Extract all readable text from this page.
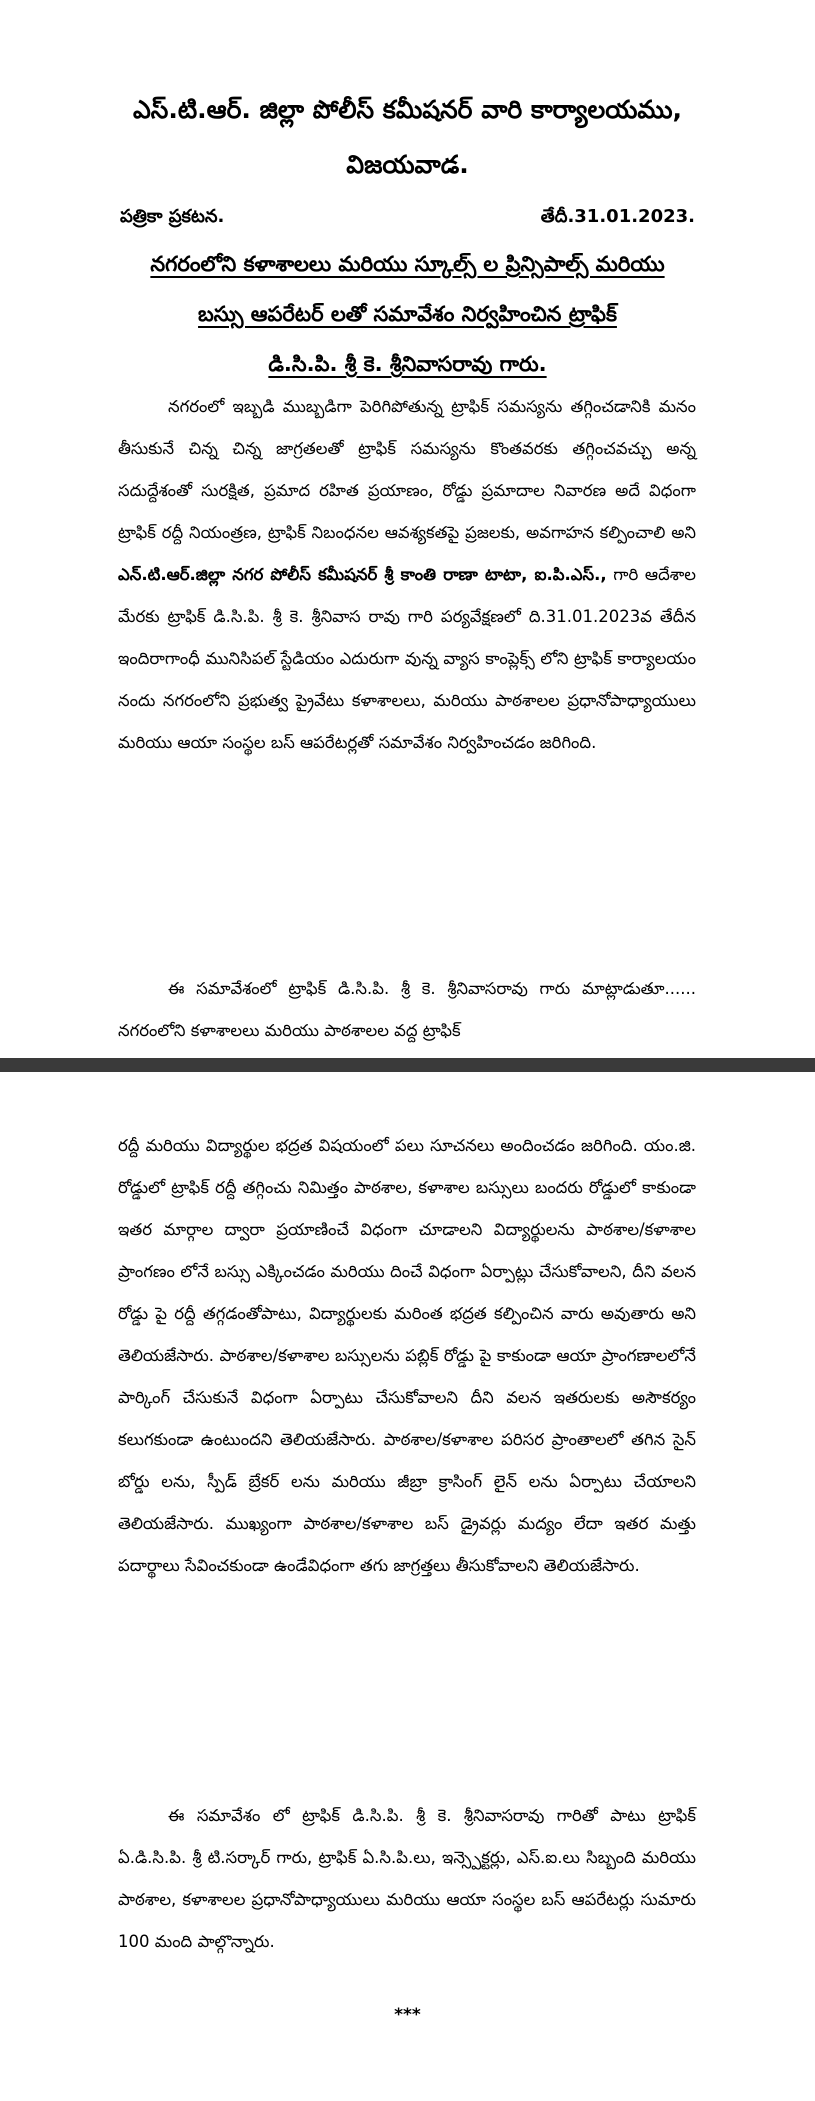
ఎస్.టి.ఆర్. జిల్లా పోలీస్ కమీషనర్ వారి కార్యాలయము,
విజయవాడ.
పత్రికా ప్రకటన.	తేదీ.31.01.2023.
నగరంలోని కళాశాలలు మరియు స్కూల్స్ ల ప్రిన్సిపాల్స్ మరియు
బస్సు ఆపరేటర్ లతో సమావేశం నిర్వహించిన ట్రాఫిక్
డి.సి.పి. శ్రీ కె. శ్రీనివాసరావు గారు.

నగరంలో ఇబ్బడి ముబ్బడిగా పెరిగిపోతున్న ట్రాఫిక్ సమస్యను తగ్గించడానికి మనం తీసుకునే చిన్న చిన్న జాగ్రతలతో ట్రాఫిక్ సమస్యను కొంతవరకు తగ్గించవచ్చు అన్న సదుద్దేశంతో సురక్షిత, ప్రమాద రహిత ప్రయాణం, రోడ్డు ప్రమాదాల నివారణ అదే విధంగా ట్రాఫిక్ రద్దీ నియంత్రణ, ట్రాఫిక్ నిబంధనల ఆవశ్యకతపై ప్రజలకు, అవగాహన కల్పించాలి అని ఎన్.టి.ఆర్.జిల్లా నగర పోలీస్ కమీషనర్ శ్రీ కాంతి రాణా టాటా, ఐ.పి.ఎస్., గారి ఆదేశాల మేరకు ట్రాఫిక్ డి.సి.పి. శ్రీ కె. శ్రీనివాస రావు గారి పర్యవేక్షణలో ది.31.01.2023వ తేదీన ఇందిరాగాంధీ మునిసిపల్ స్టేడియం ఎదురుగా వున్న వ్యాస కాంప్లెక్స్ లోని ట్రాఫిక్ కార్యాలయం నందు నగరంలోని ప్రభుత్వ ప్రైవేటు కళాశాలలు, మరియు పాఠశాలల ప్రధానోపాధ్యాయులు మరియు ఆయా సంస్థల బస్ ఆపరేటర్లతో సమావేశం నిర్వహించడం జరిగింది.

ఈ సమావేశంలో ట్రాఫిక్ డి.సి.పి. శ్రీ కె. శ్రీనివాసరావు గారు మాట్లాడుతూ...... నగరంలోని కళాశాలలు మరియు పాఠశాలల వద్ద ట్రాఫిక్

రద్దీ మరియు విద్యార్థుల భద్రత విషయంలో పలు సూచనలు అందించడం జరిగింది. యం.జి. రోడ్డులో ట్రాఫిక్ రద్దీ తగ్గించు నిమిత్తం పాఠశాల, కళాశాల బస్సులు బందరు రోడ్డులో కాకుండా ఇతర మార్గాల ద్వారా ప్రయాణించే విధంగా చూడాలని విద్యార్థులను పాఠశాల/కళాశాల ప్రాంగణం లోనే బస్సు ఎక్కించడం మరియు దించే విధంగా ఏర్పాట్లు చేసుకోవాలని, దీని వలన రోడ్డు పై రద్దీ తగ్గడంతోపాటు, విద్యార్థులకు మరింత భద్రత కల్పించిన వారు అవుతారు అని తెలియజేసారు. పాఠశాల/కళాశాల బస్సులను పబ్లిక్ రోడ్డు పై కాకుండా ఆయా ప్రాంగణాలలోనే పార్కింగ్ చేసుకునే విధంగా ఏర్పాటు చేసుకోవాలని దీని వలన ఇతరులకు అసౌకర్యం కలుగకుండా ఉంటుందని తెలియజేసారు. పాఠశాల/కళాశాల పరిసర ప్రాంతాలలో తగిన సైన్ బోర్డు లను, స్పీడ్ బ్రేకర్ లను మరియు జీబ్రా క్రాసింగ్ లైన్ లను ఏర్పాటు చేయాలని తెలియజేసారు. ముఖ్యంగా పాఠశాల/కళాశాల బస్ డ్రైవర్లు మద్యం లేదా ఇతర మత్తు పదార్థాలు సేవించకుండా ఉండేవిధంగా తగు జాగ్రత్తలు తీసుకోవాలని తెలియజేసారు.

ఈ సమావేశం లో ట్రాఫిక్ డి.సి.పి. శ్రీ కె. శ్రీనివాసరావు గారితో పాటు ట్రాఫిక్ ఏ.డి.సి.పి. శ్రీ టి.సర్కార్ గారు, ట్రాఫిక్ ఏ.సి.పి.లు, ఇన్స్పెక్టర్లు, ఎస్.ఐ.లు సిబ్బంది మరియు పాఠశాల, కళాశాలల ప్రధానోపాధ్యాయులు మరియు ఆయా సంస్థల బస్ ఆపరేటర్లు సుమారు 100 మంది పాల్గొన్నారు.

***
